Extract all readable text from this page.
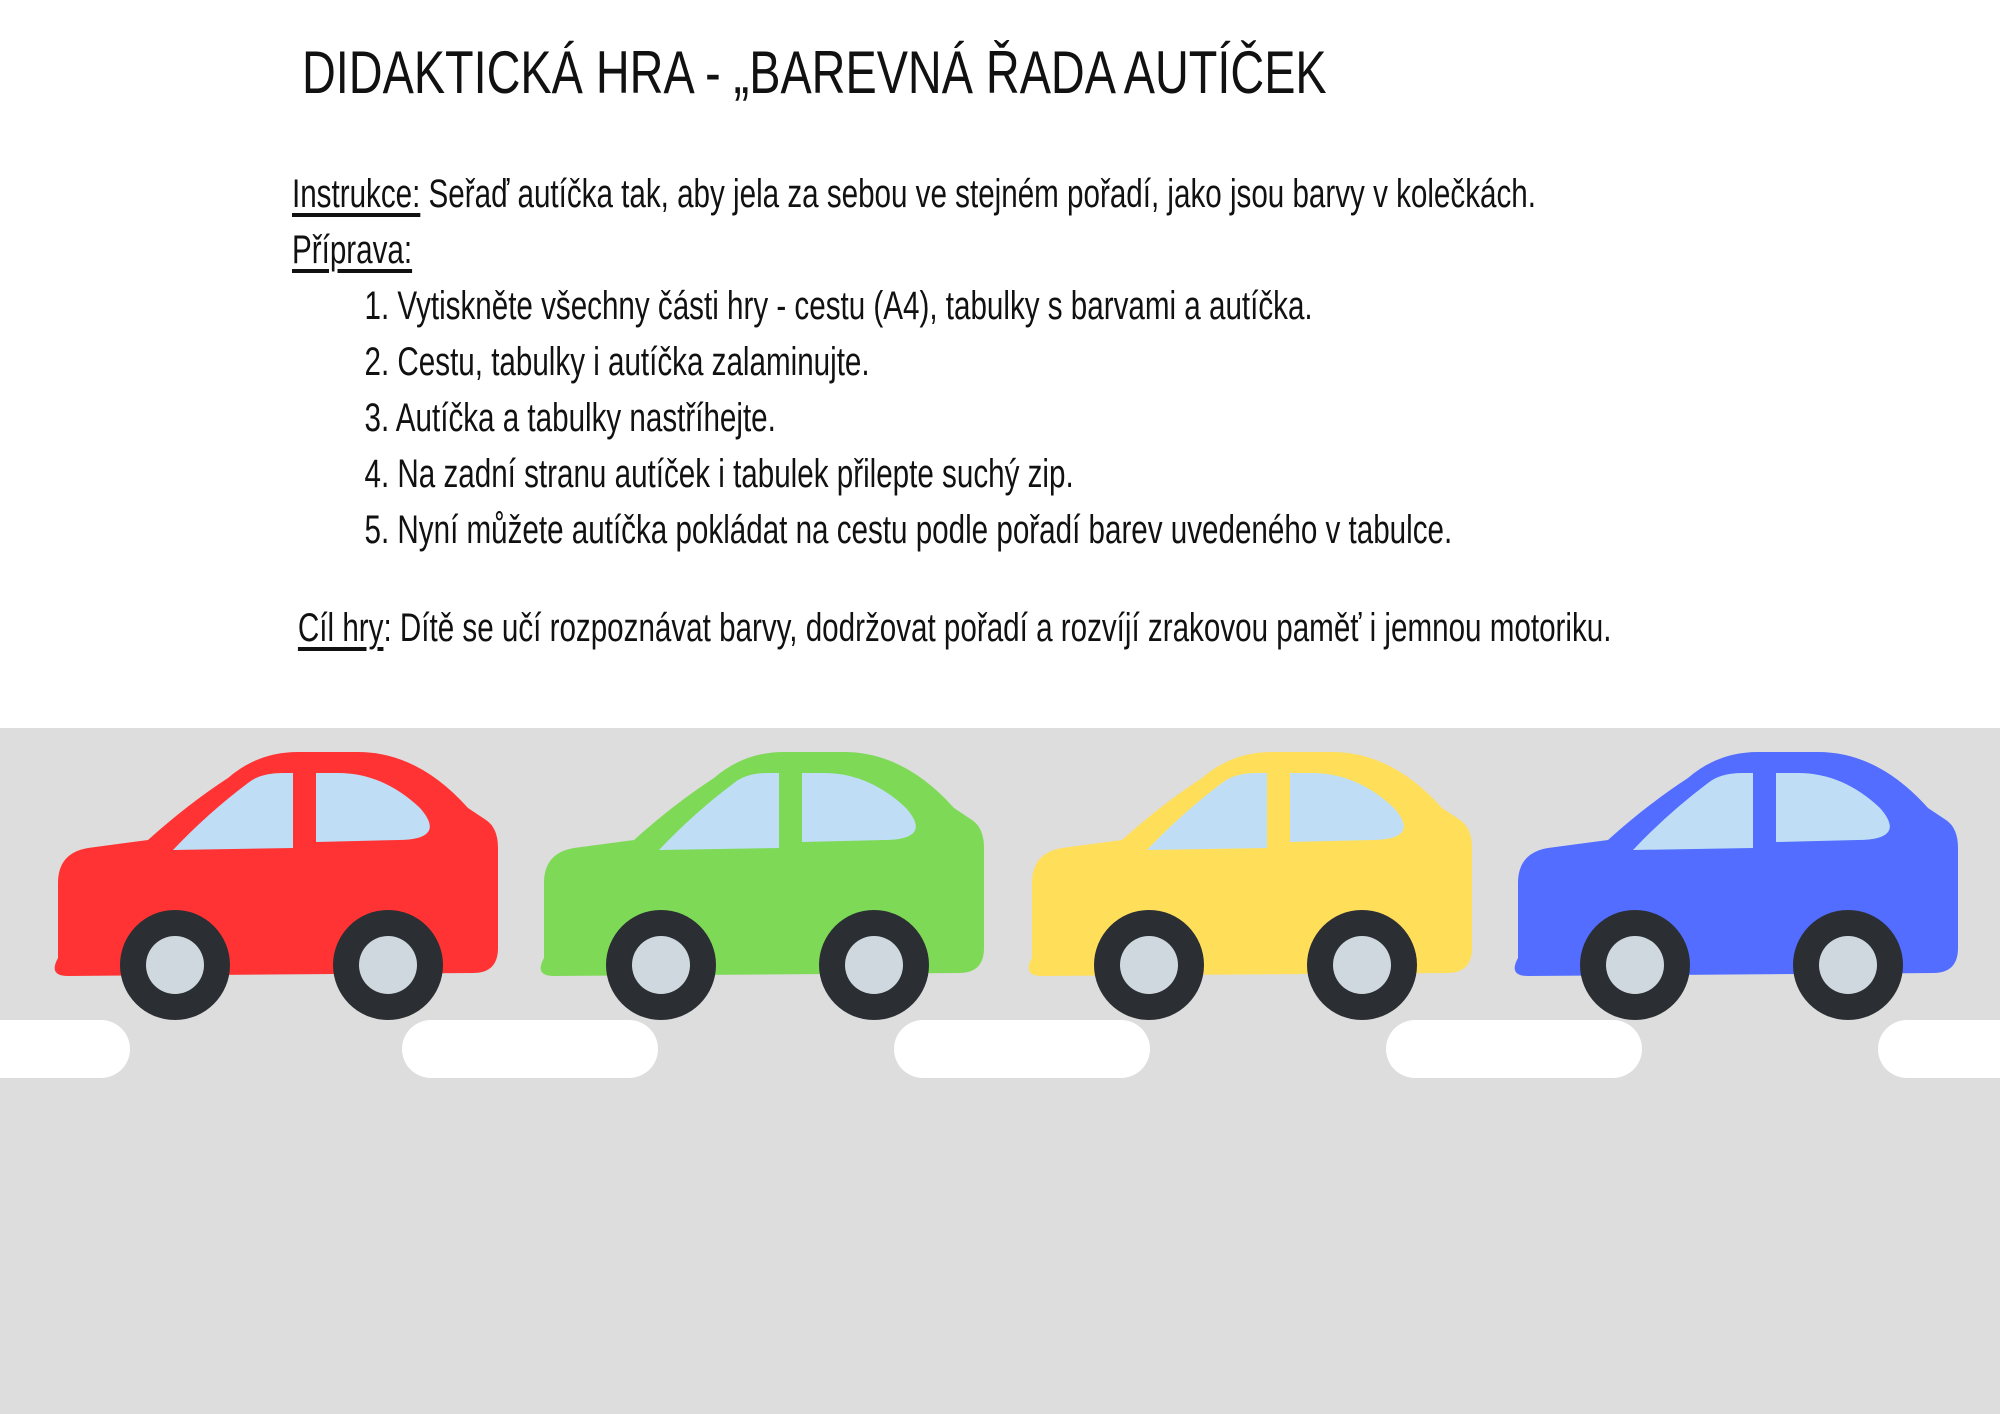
DIDAKTICKÁ HRA - „BAREVNÁ ŘADA AUTÍČEK
Instrukce: Seřaď autíčka tak, aby jela za sebou ve stejném pořadí, jako jsou barvy v kolečkách.
Příprava:
1. Vytiskněte všechny části hry - cestu (A4), tabulky s barvami a autíčka.
2. Cestu, tabulky i autíčka zalaminujte.
3. Autíčka a tabulky nastříhejte.
4. Na zadní stranu autíček i tabulek přilepte suchý zip.
5. Nyní můžete autíčka pokládat na cestu podle pořadí barev uvedeného v tabulce.
Cíl hry: Dítě se učí rozpoznávat barvy, dodržovat pořadí a rozvíjí zrakovou paměť i jemnou motoriku.
